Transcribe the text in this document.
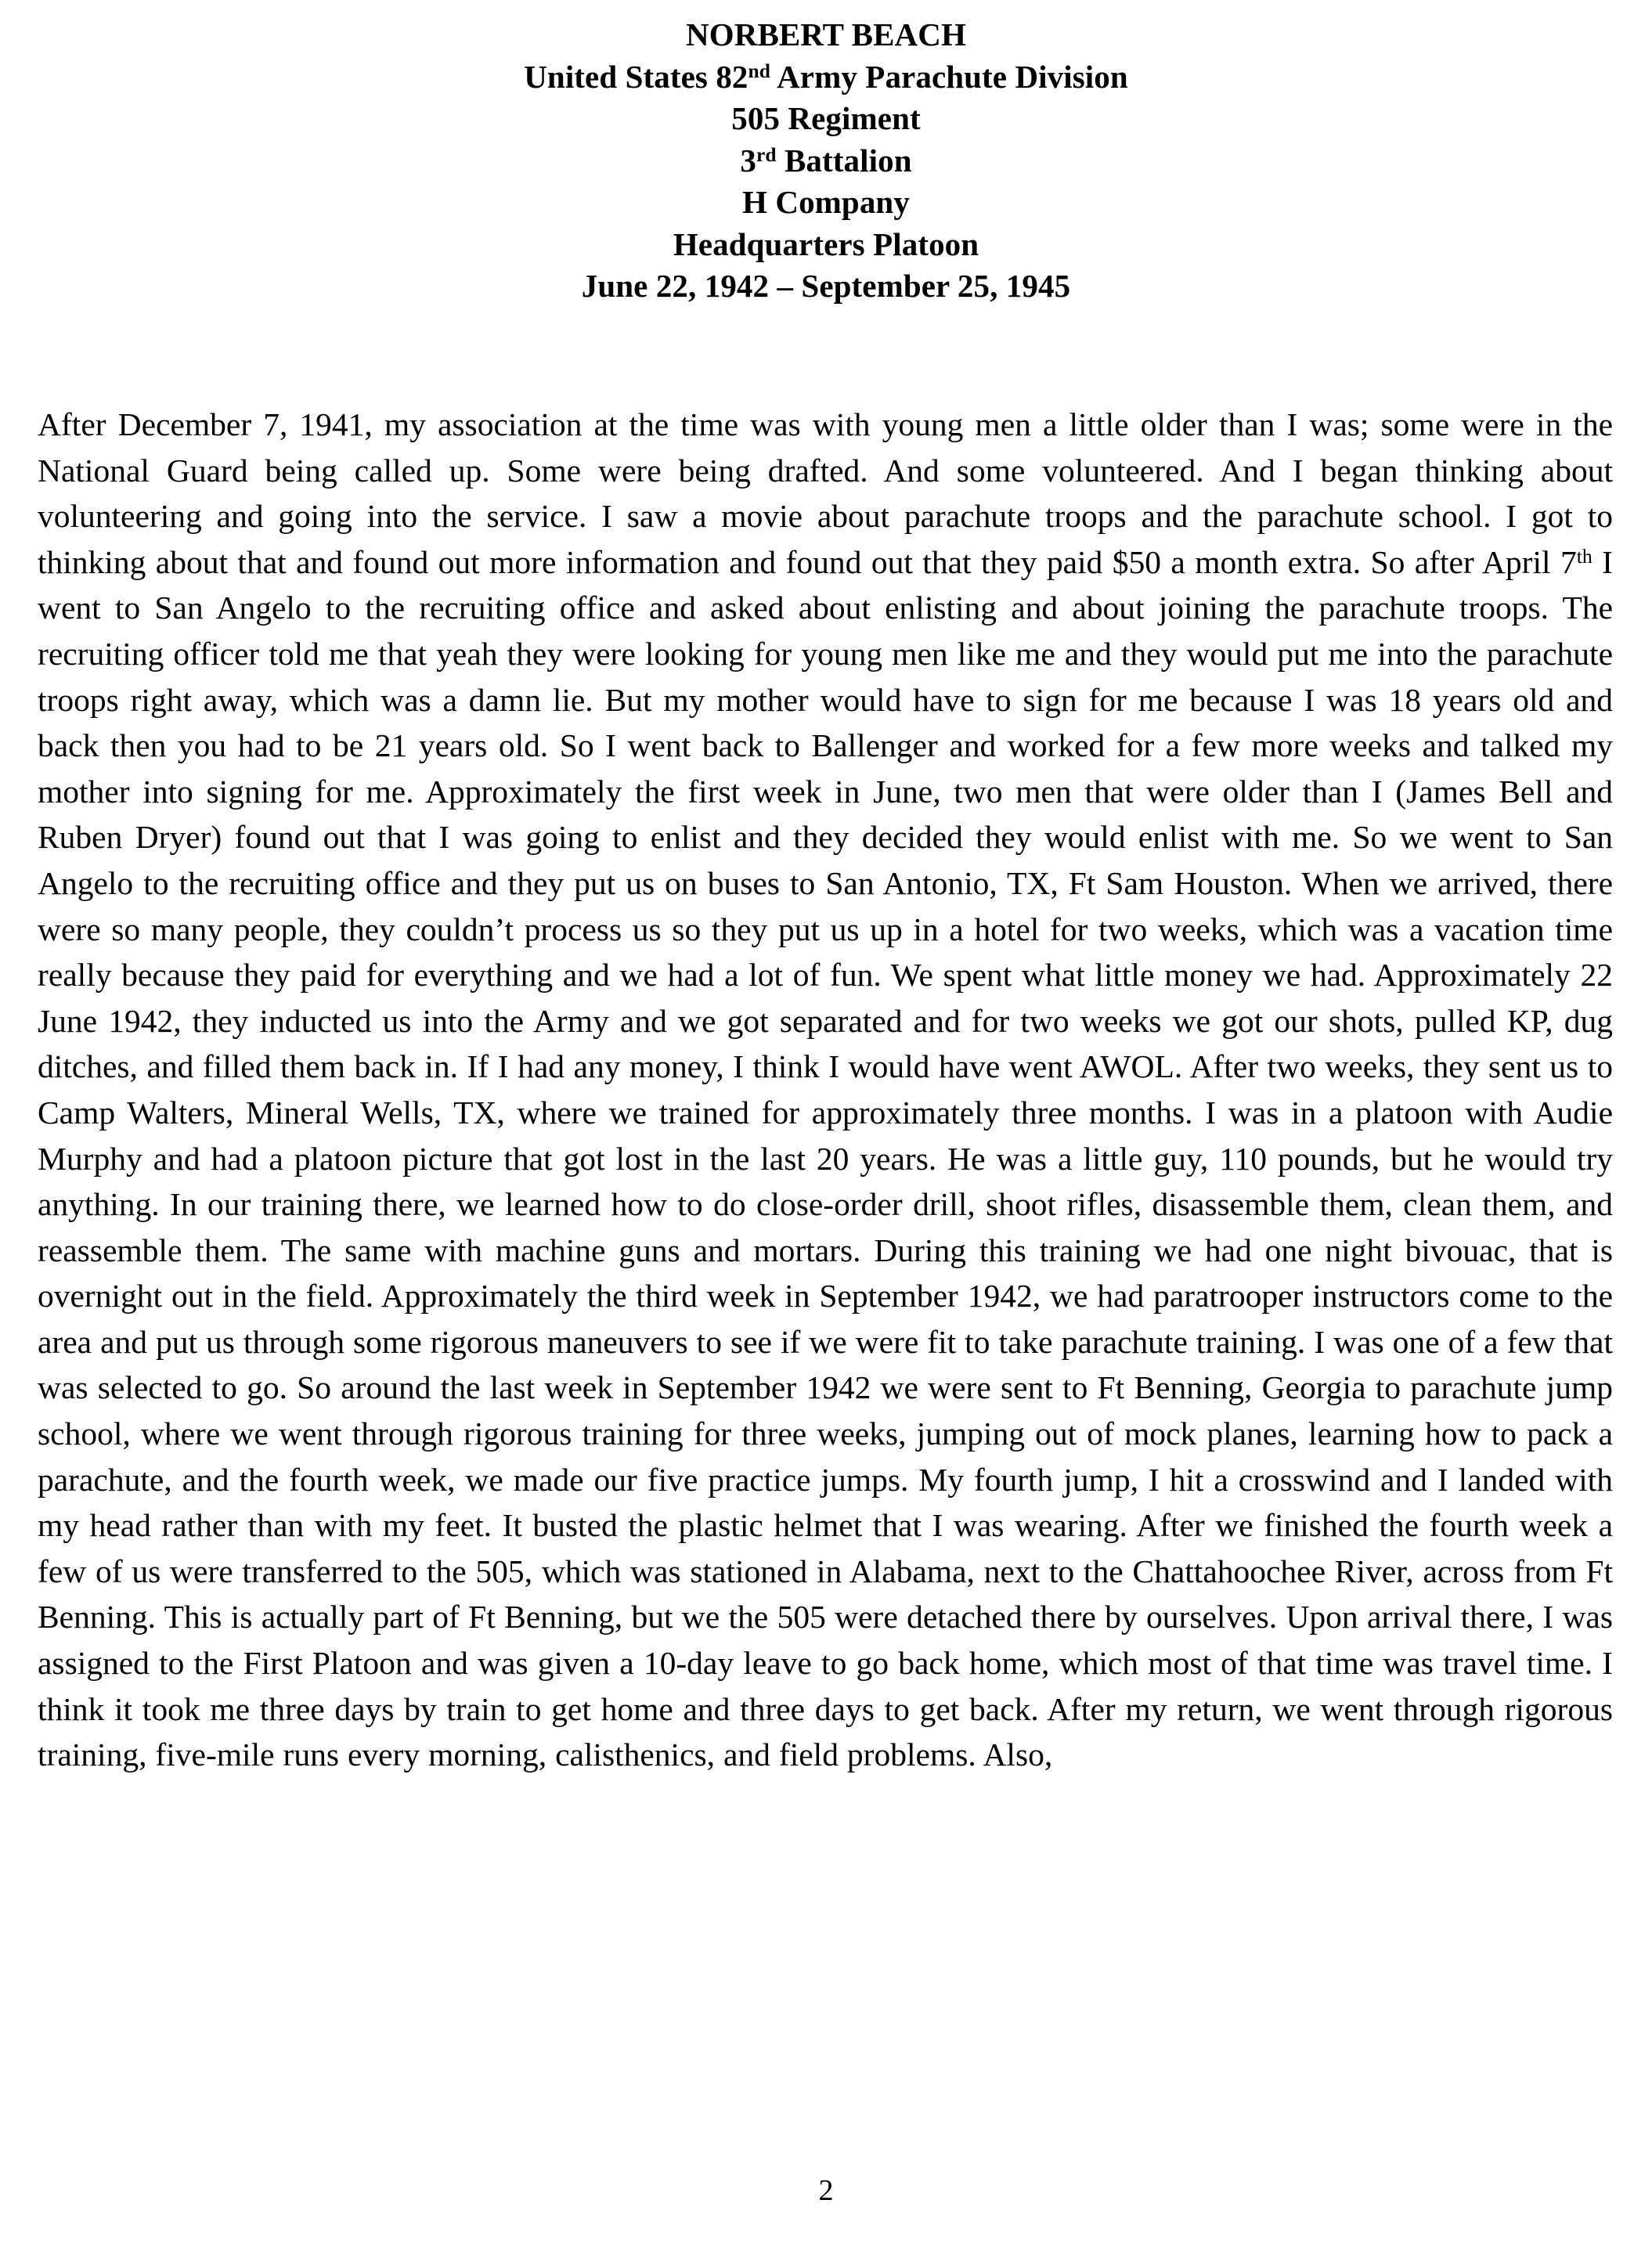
NORBERT BEACH
United States 82nd Army Parachute Division
505 Regiment
3rd Battalion
H Company
Headquarters Platoon
June 22, 1942 – September 25, 1945

After December 7, 1941, my association at the time was with young men a little older than I was; some were in the National Guard being called up. Some were being drafted. And some volunteered. And I began thinking about volunteering and going into the service. I saw a movie about parachute troops and the parachute school. I got to thinking about that and found out more information and found out that they paid $50 a month extra. So after April 7th I went to San Angelo to the recruiting office and asked about enlisting and about joining the parachute troops. The recruiting officer told me that yeah they were looking for young men like me and they would put me into the parachute troops right away, which was a damn lie. But my mother would have to sign for me because I was 18 years old and back then you had to be 21 years old. So I went back to Ballenger and worked for a few more weeks and talked my mother into signing for me. Approximately the first week in June, two men that were older than I (James Bell and Ruben Dryer) found out that I was going to enlist and they decided they would enlist with me. So we went to San Angelo to the recruiting office and they put us on buses to San Antonio, TX, Ft Sam Houston. When we arrived, there were so many people, they couldn’t process us so they put us up in a hotel for two weeks, which was a vacation time really because they paid for everything and we had a lot of fun. We spent what little money we had. Approximately 22 June 1942, they inducted us into the Army and we got separated and for two weeks we got our shots, pulled KP, dug ditches, and filled them back in. If I had any money, I think I would have went AWOL. After two weeks, they sent us to Camp Walters, Mineral Wells, TX, where we trained for approximately three months. I was in a platoon with Audie Murphy and had a platoon picture that got lost in the last 20 years. He was a little guy, 110 pounds, but he would try anything. In our training there, we learned how to do close-order drill, shoot rifles, disassemble them, clean them, and reassemble them. The same with machine guns and mortars. During this training we had one night bivouac, that is overnight out in the field. Approximately the third week in September 1942, we had paratrooper instructors come to the area and put us through some rigorous maneuvers to see if we were fit to take parachute training. I was one of a few that was selected to go. So around the last week in September 1942 we were sent to Ft Benning, Georgia to parachute jump school, where we went through rigorous training for three weeks, jumping out of mock planes, learning how to pack a parachute, and the fourth week, we made our five practice jumps. My fourth jump, I hit a crosswind and I landed with my head rather than with my feet. It busted the plastic helmet that I was wearing. After we finished the fourth week a few of us were transferred to the 505, which was stationed in Alabama, next to the Chattahoochee River, across from Ft Benning. This is actually part of Ft Benning, but we the 505 were detached there by ourselves. Upon arrival there, I was assigned to the First Platoon and was given a 10-day leave to go back home, which most of that time was travel time. I think it took me three days by train to get home and three days to get back. After my return, we went through rigorous training, five-mile runs every morning, calisthenics, and field problems. Also,

2
